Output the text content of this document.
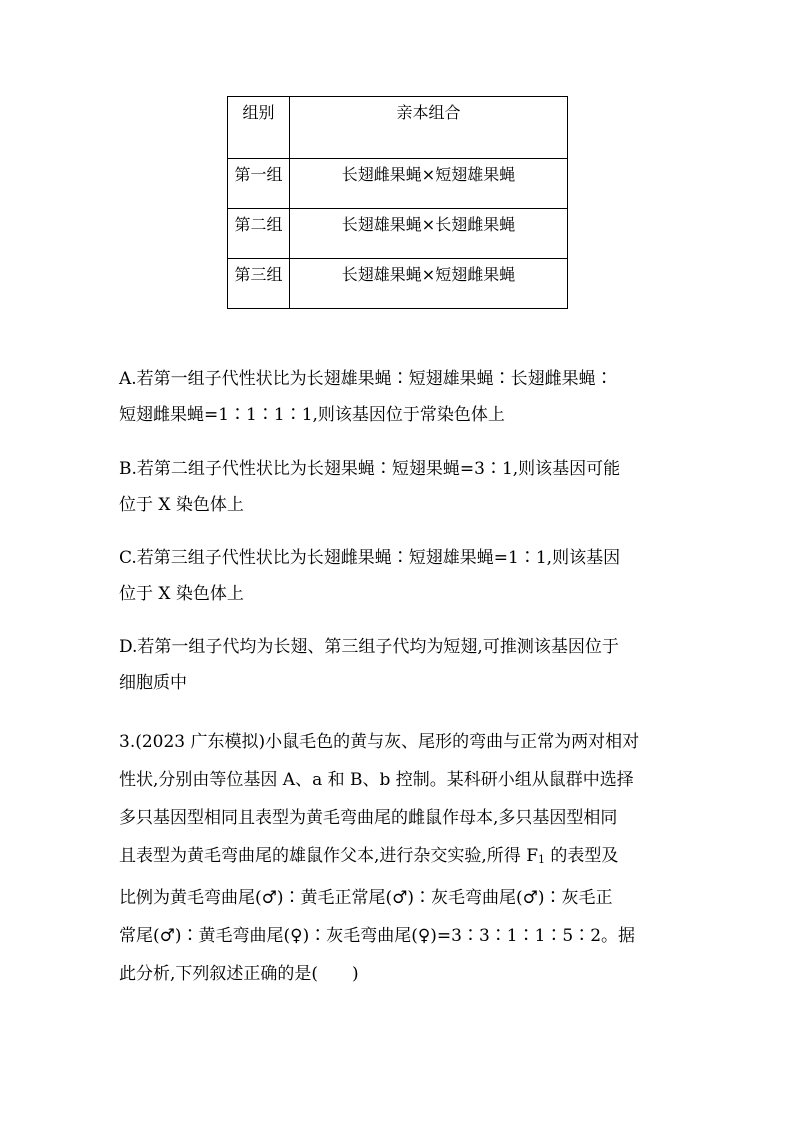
组别	亲本组合

第一组	长翅雌果蝇×短翅雄果蝇

第二组	长翅雄果蝇×长翅雌果蝇

第三组	长翅雄果蝇×短翅雌果蝇
A.若第一组子代性状比为长翅雄果蝇∶短翅雄果蝇∶长翅雌果蝇∶
短翅雌果蝇=1∶1∶1∶1,则该基因位于常染色体上
B.若第二组子代性状比为长翅果蝇∶短翅果蝇=3∶1,则该基因可能
位于 X 染色体上
C.若第三组子代性状比为长翅雌果蝇∶短翅雄果蝇=1∶1,则该基因
位于 X 染色体上
D.若第一组子代均为长翅、第三组子代均为短翅,可推测该基因位于
细胞质中
3.(2023 广东模拟)小鼠毛色的黄与灰、尾形的弯曲与正常为两对相对
性状,分别由等位基因 A、a 和 B、b 控制。某科研小组从鼠群中选择
多只基因型相同且表型为黄毛弯曲尾的雌鼠作母本,多只基因型相同
且表型为黄毛弯曲尾的雄鼠作父本,进行杂交实验,所得 F1 的表型及
比例为黄毛弯曲尾(♂)∶黄毛正常尾(♂)∶灰毛弯曲尾(♂)∶灰毛正
常尾(♂)∶黄毛弯曲尾(♀)∶灰毛弯曲尾(♀)=3∶3∶1∶1∶5∶2。据
此分析,下列叙述正确的是(　　)
